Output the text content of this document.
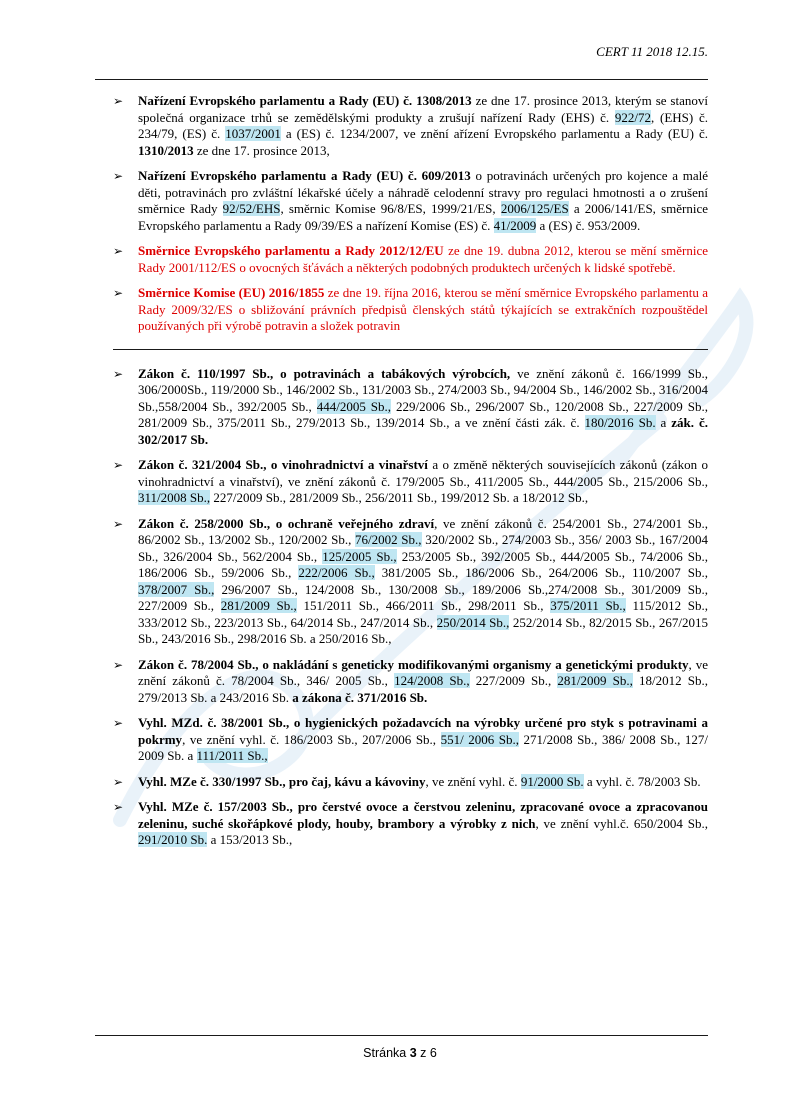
CERT 11 2018 12.15.
➢	Nařízení Evropského parlamentu a Rady (EU) č. 1308/2013 ze dne 17. prosince 2013, kterým se stanoví společná organizace trhů se zemědělskými produkty a zrušují nařízení Rady (EHS) č. 922/72, (EHS) č. 234/79, (ES) č. 1037/2001 a (ES) č. 1234/2007, ve znění ařízení Evropského parlamentu a Rady (EU) č. 1310/2013 ze dne 17. prosince 2013,
➢	Nařízení Evropského parlamentu a Rady (EU) č. 609/2013 o potravinách určených pro kojence a malé děti, potravinách pro zvláštní lékařské účely a náhradě celodenní stravy pro regulaci hmotnosti a o zrušení směrnice Rady 92/52/EHS, směrnic Komise 96/8/ES, 1999/21/ES, 2006/125/ES a 2006/141/ES, směrnice Evropského parlamentu a Rady 09/39/ES a nařízení Komise (ES) č. 41/2009 a (ES) č. 953/2009.
➢	Směrnice Evropského parlamentu a Rady 2012/12/EU ze dne 19. dubna 2012, kterou se mění směrnice Rady 2001/112/ES o ovocných šťávách a některých podobných produktech určených k lidské spotřebě.
➢	Směrnice Komise (EU) 2016/1855 ze dne 19. října 2016, kterou se mění směrnice Evropského parlamentu a Rady 2009/32/ES o sbližování právních předpisů členských států týkajících se extrakčních rozpouštědel používaných při výrobě potravin a složek potravin
➢	Zákon č. 110/1997 Sb., o potravinách a tabákových výrobcích, ve znění zákonů č. 166/1999 Sb., 306/2000Sb., 119/2000 Sb., 146/2002 Sb., 131/2003 Sb., 274/2003 Sb., 94/2004 Sb., 146/2002 Sb., 316/2004 Sb.,558/2004 Sb., 392/2005 Sb., 444/2005 Sb., 229/2006 Sb., 296/2007 Sb., 120/2008 Sb., 227/2009 Sb., 281/2009 Sb., 375/2011 Sb., 279/2013 Sb., 139/2014 Sb., a ve znění části zák. č. 180/2016 Sb. a zák. č. 302/2017 Sb.
➢	Zákon č. 321/2004 Sb., o vinohradnictví a vinařství a o změně některých souvisejících zákonů (zákon o vinohradnictví a vinařství), ve znění zákonů č. 179/2005 Sb., 411/2005 Sb., 444/2005 Sb., 215/2006 Sb., 311/2008 Sb., 227/2009 Sb., 281/2009 Sb., 256/2011 Sb., 199/2012 Sb. a 18/2012 Sb.,
➢	Zákon č. 258/2000 Sb., o ochraně veřejného zdraví, ve znění zákonů č. 254/2001 Sb., 274/2001 Sb., 86/2002 Sb., 13/2002 Sb., 120/2002 Sb., 76/2002 Sb., 320/2002 Sb., 274/2003 Sb., 356/ 2003 Sb., 167/2004 Sb., 326/2004 Sb., 562/2004 Sb., 125/2005 Sb., 253/2005 Sb., 392/2005 Sb., 444/2005 Sb., 74/2006 Sb., 186/2006 Sb., 59/2006 Sb., 222/2006 Sb., 381/2005 Sb., 186/2006 Sb., 264/2006 Sb., 110/2007 Sb., 378/2007 Sb., 296/2007 Sb., 124/2008 Sb., 130/2008 Sb., 189/2006 Sb.,274/2008 Sb., 301/2009 Sb., 227/2009 Sb., 281/2009 Sb., 151/2011 Sb., 466/2011 Sb., 298/2011 Sb., 375/2011 Sb., 115/2012 Sb., 333/2012 Sb., 223/2013 Sb., 64/2014 Sb., 247/2014 Sb., 250/2014 Sb., 252/2014 Sb., 82/2015 Sb., 267/2015 Sb., 243/2016 Sb., 298/2016 Sb. a 250/2016 Sb.,
➢	Zákon č. 78/2004 Sb., o nakládání s geneticky modifikovanými organismy a genetickými produkty, ve znění zákonů č. 78/2004 Sb., 346/ 2005 Sb., 124/2008 Sb., 227/2009 Sb., 281/2009 Sb., 18/2012 Sb., 279/2013 Sb. a 243/2016 Sb. a zákona č. 371/2016 Sb.
➢	Vyhl. MZd. č. 38/2001 Sb., o hygienických požadavcích na výrobky určené pro styk s potravinami a pokrmy, ve znění vyhl. č. 186/2003 Sb., 207/2006 Sb., 551/ 2006 Sb., 271/2008 Sb., 386/ 2008 Sb., 127/ 2009 Sb. a 111/2011 Sb.,
➢	Vyhl. MZe č. 330/1997 Sb., pro čaj, kávu a kávoviny, ve znění vyhl. č. 91/2000 Sb. a vyhl. č. 78/2003 Sb.
➢	Vyhl. MZe č. 157/2003 Sb., pro čerstvé ovoce a čerstvou zeleninu, zpracované ovoce a zpracovanou zeleninu, suché skořápkové plody, houby, brambory a výrobky z nich, ve znění vyhl.č. 650/2004 Sb., 291/2010 Sb. a 153/2013 Sb.,
Stránka 3 z 6
